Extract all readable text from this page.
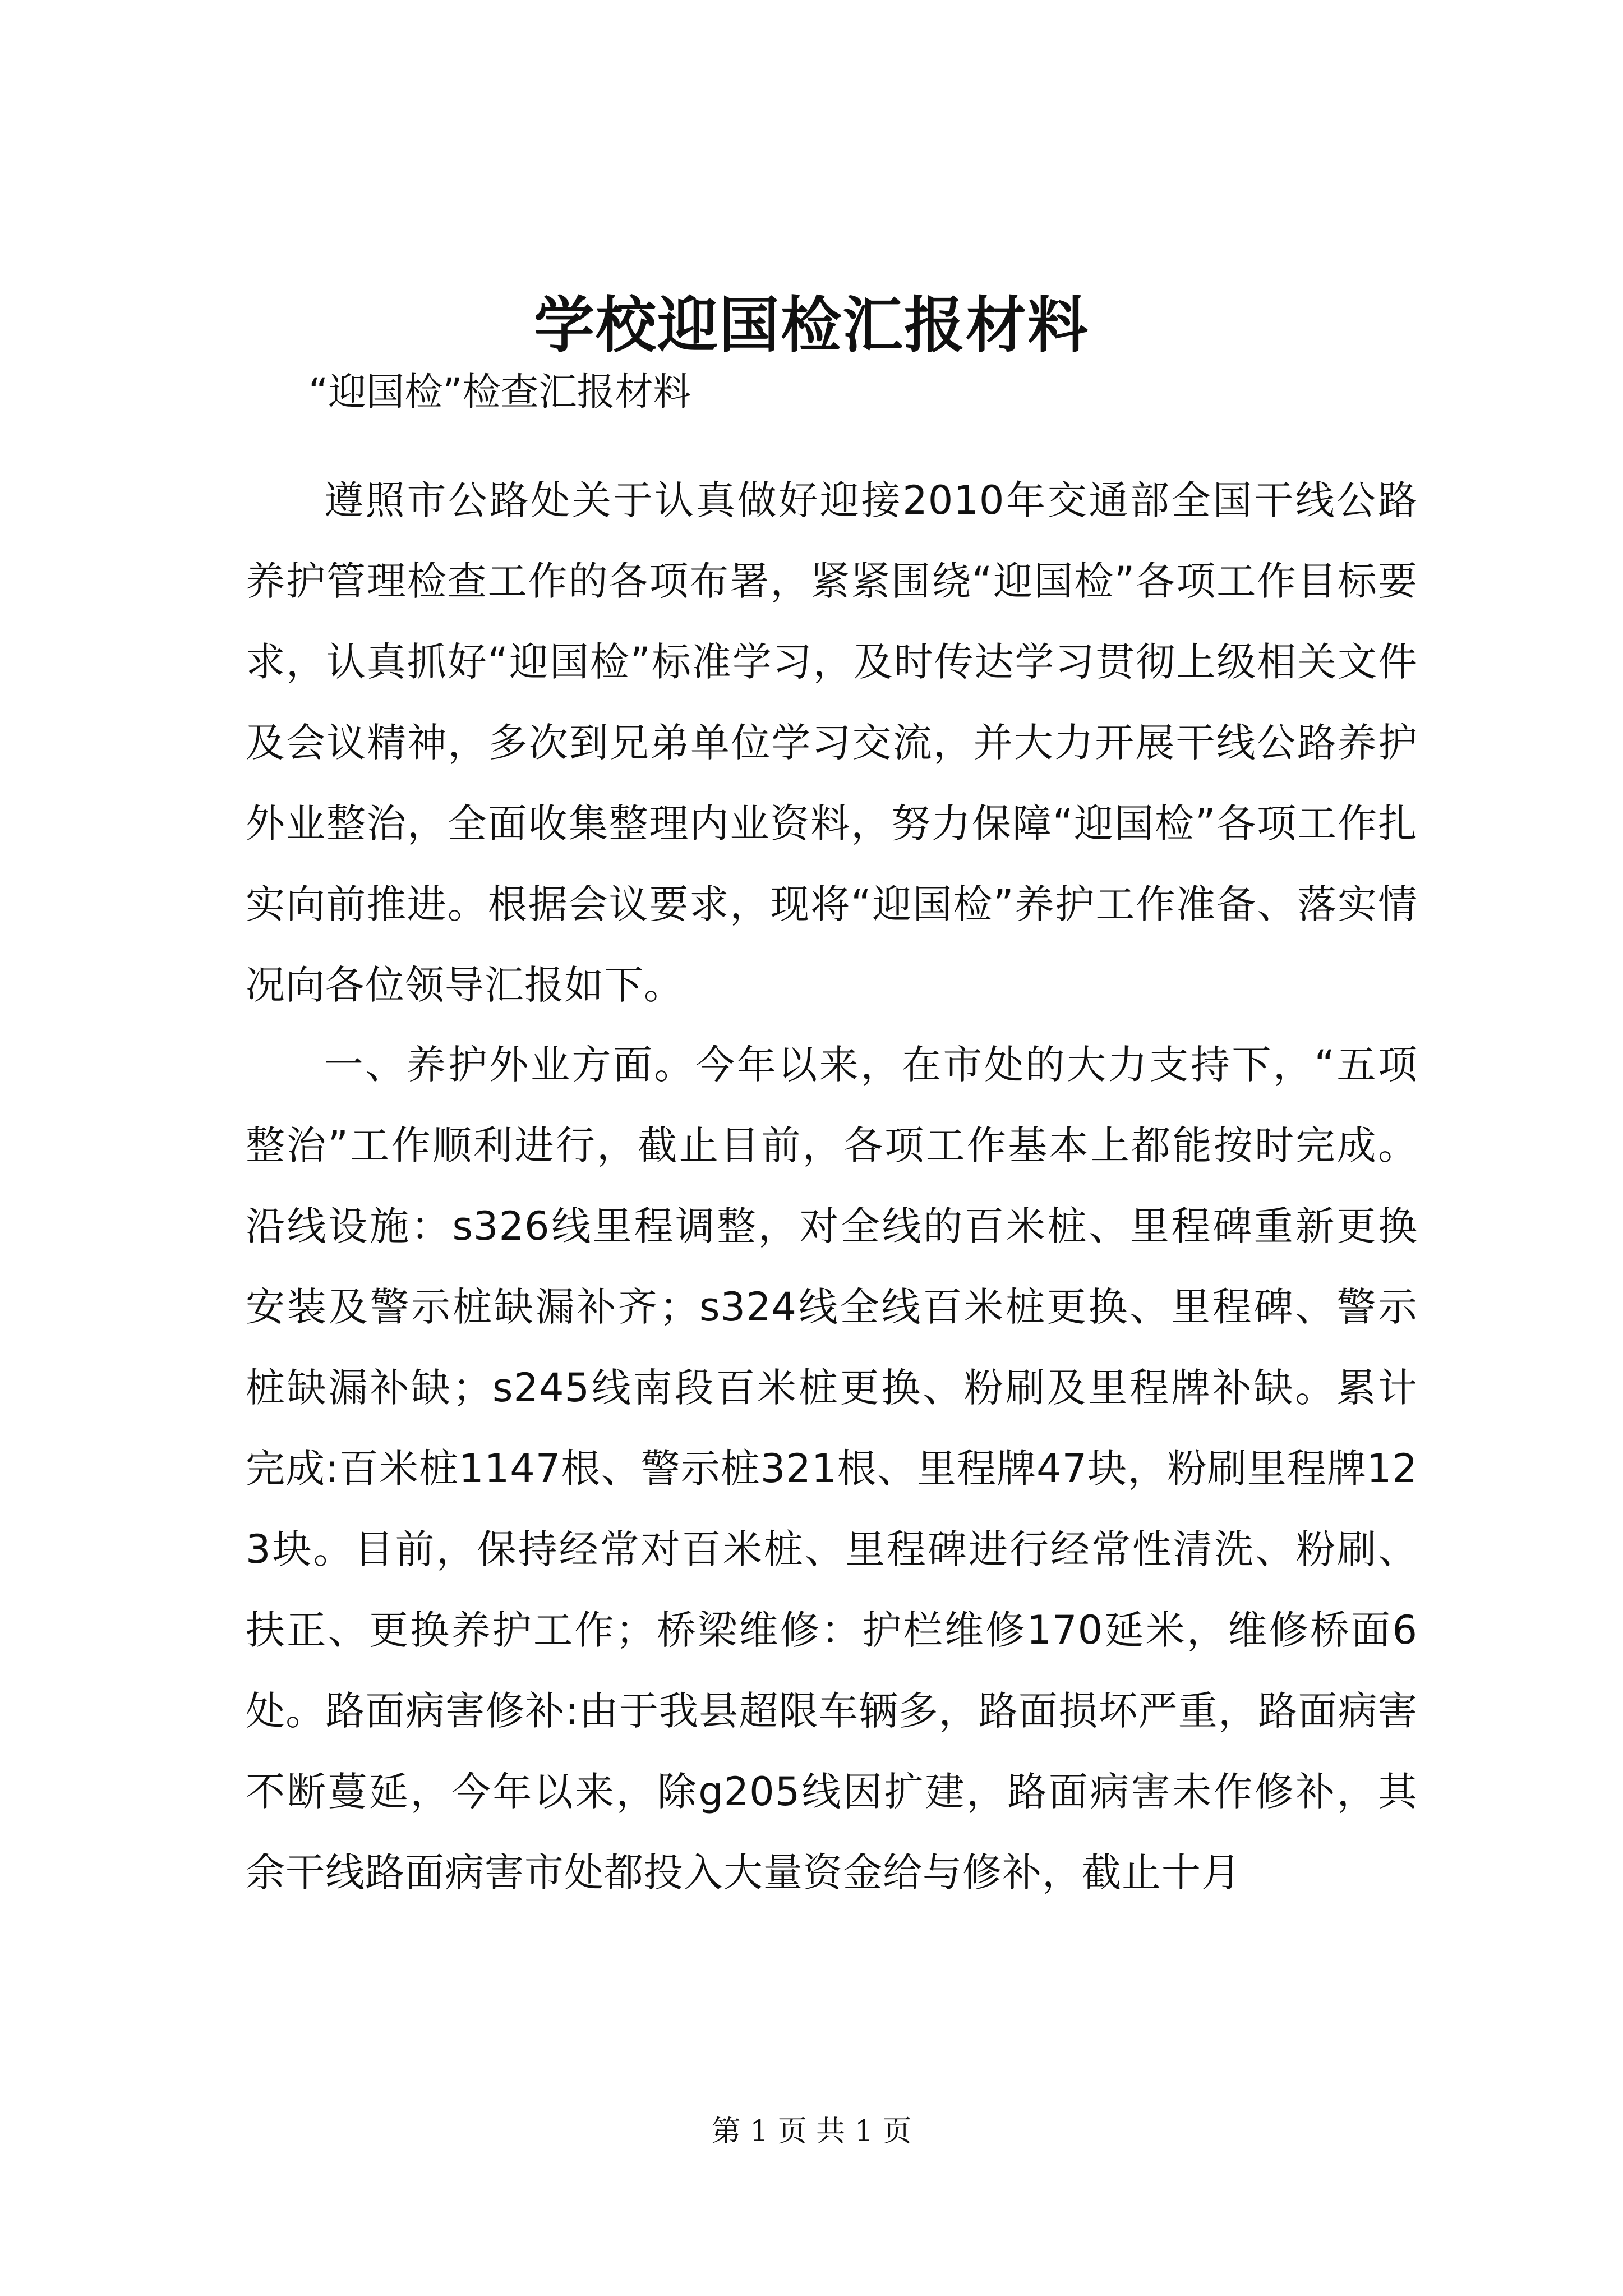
学校迎国检汇报材料

“迎国检”检查汇报材料

遵照市公路处关于认真做好迎接2010年交通部全国干线公路养护管理检查工作的各项布署，紧紧围绕“迎国检”各项工作目标要求，认真抓好“迎国检”标准学习，及时传达学习贯彻上级相关文件及会议精神，多次到兄弟单位学习交流，并大力开展干线公路养护外业整治，全面收集整理内业资料，努力保障“迎国检”各项工作扎实向前推进。根据会议要求，现将“迎国检”养护工作准备、落实情况向各位领导汇报如下。

一、养护外业方面。今年以来，在市处的大力支持下，“五项整治”工作顺利进行，截止目前，各项工作基本上都能按时完成。沿线设施：s326线里程调整，对全线的百米桩、里程碑重新更换安装及警示桩缺漏补齐；s324线全线百米桩更换、里程碑、警示桩缺漏补缺；s245线南段百米桩更换、粉刷及里程牌补缺。累计完成:百米桩1147根、警示桩321根、里程牌47块，粉刷里程牌123块。目前，保持经常对百米桩、里程碑进行经常性清洗、粉刷、扶正、更换养护工作；桥梁维修：护栏维修170延米，维修桥面6处。路面病害修补:由于我县超限车辆多，路面损坏严重，路面病害不断蔓延，今年以来，除g205线因扩建，路面病害未作修补，其余干线路面病害市处都投入大量资金给与修补，截止十月

第 1 页 共 1 页
